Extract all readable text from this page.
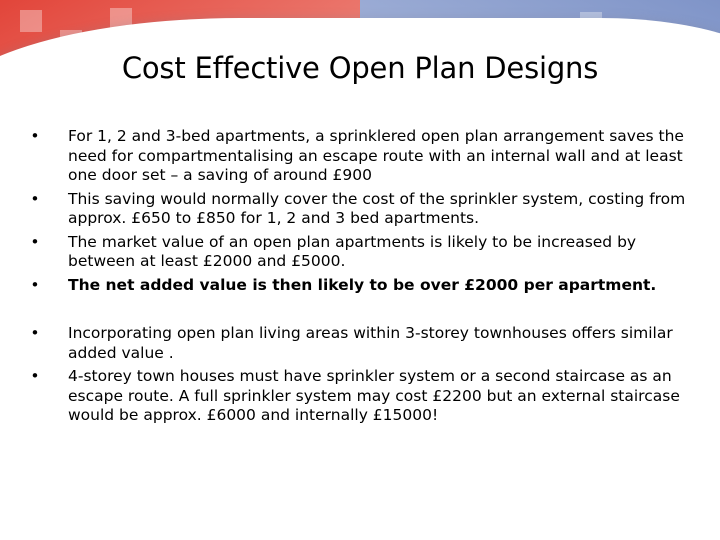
Cost Effective Open Plan Designs
• For 1, 2 and 3-bed apartments, a sprinklered open plan arrangement saves the need for compartmentalising an escape route with an internal wall and at least one door set – a saving of around £900
• This saving would normally cover the cost of the sprinkler system, costing from approx. £650 to £850 for 1, 2 and 3 bed apartments.
• The market value of an open plan apartments is likely to be increased by between at least £2000 and £5000.
• The net added value is then likely to be over £2000 per apartment.
• Incorporating open plan living areas within 3-storey townhouses offers similar added value .
• 4-storey town houses must have sprinkler system or a second staircase as an escape route. A full sprinkler system may cost £2200 but an external staircase would be approx. £6000 and internally £15000!
